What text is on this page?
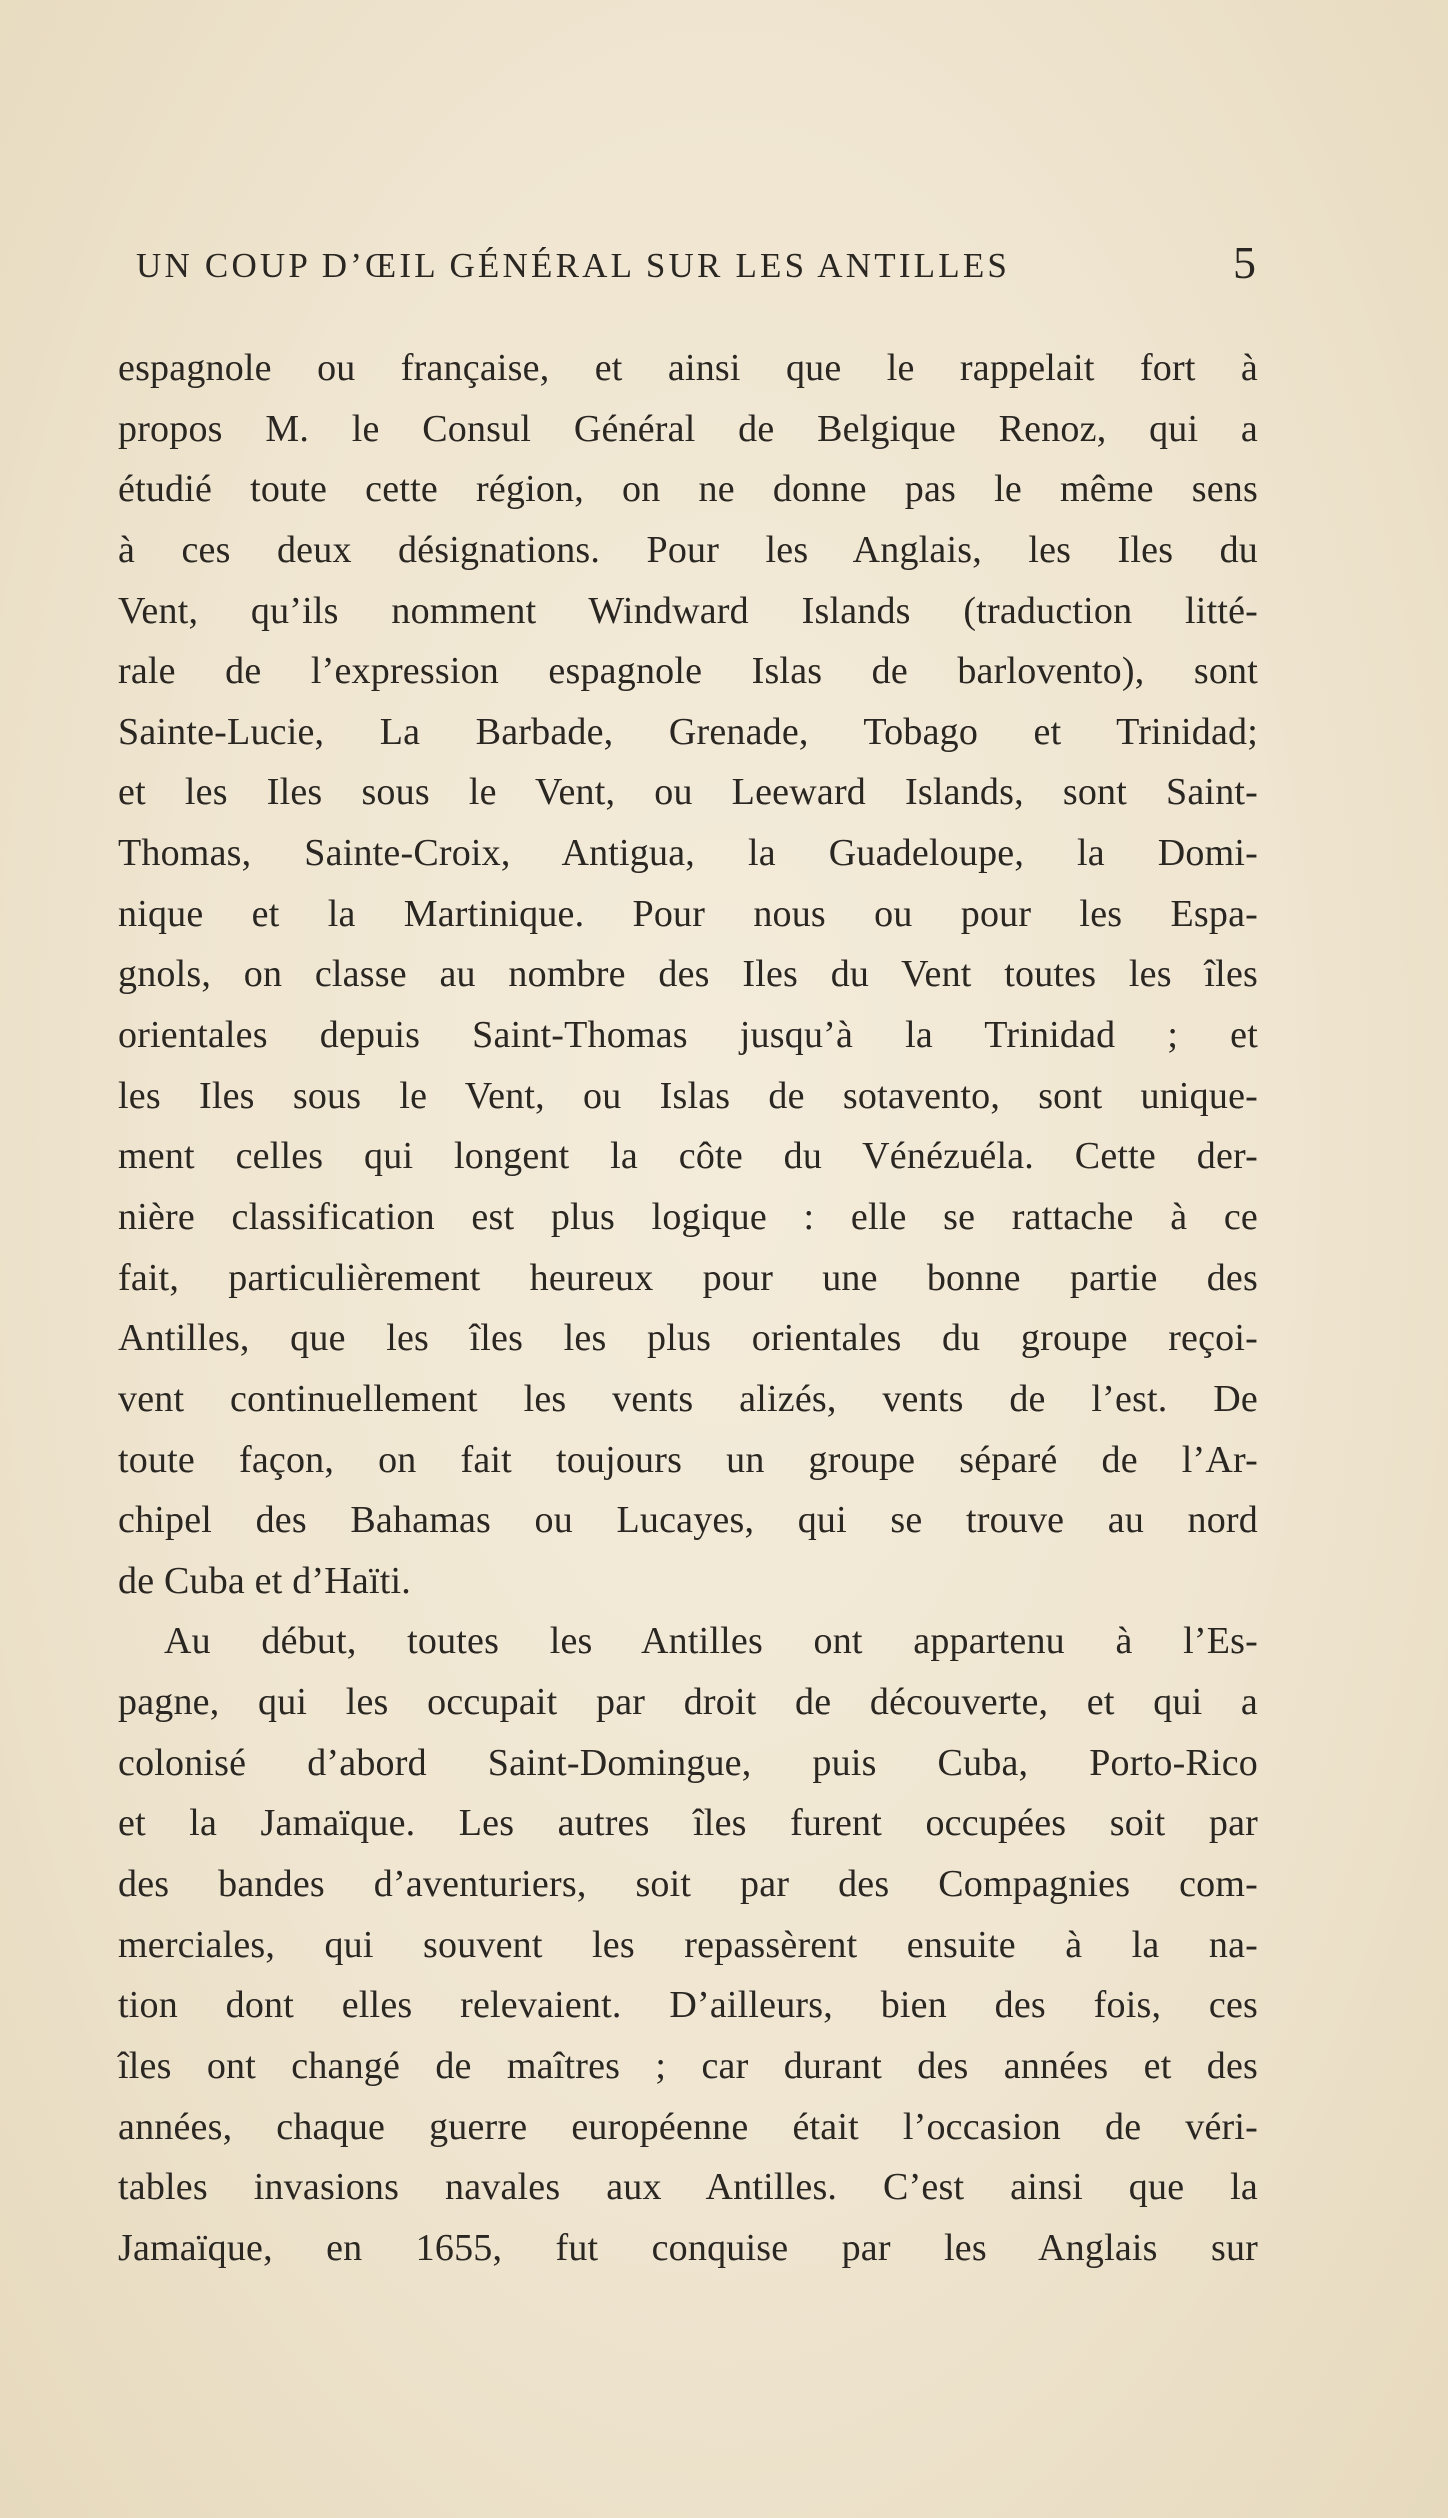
UN COUP D’ŒIL GÉNÉRAL SUR LES ANTILLES	5
espagnole ou française, et ainsi que le rappelait fort à
propos M. le Consul Général de Belgique Renoz, qui a
étudié toute cette région, on ne donne pas le même sens
à ces deux désignations. Pour les Anglais, les Iles du
Vent, qu’ils nomment Windward Islands (traduction litté-
rale de l’expression espagnole Islas de barlovento), sont
Sainte-Lucie, La Barbade, Grenade, Tobago et Trinidad;
et les Iles sous le Vent, ou Leeward Islands, sont Saint-
Thomas, Sainte-Croix, Antigua, la Guadeloupe, la Domi-
nique et la Martinique. Pour nous ou pour les Espa-
gnols, on classe au nombre des Iles du Vent toutes les îles
orientales depuis Saint-Thomas jusqu’à la Trinidad ; et
les Iles sous le Vent, ou Islas de sotavento, sont unique-
ment celles qui longent la côte du Vénézuéla. Cette der-
nière classification est plus logique : elle se rattache à ce
fait, particulièrement heureux pour une bonne partie des
Antilles, que les îles les plus orientales du groupe reçoi-
vent continuellement les vents alizés, vents de l’est. De
toute façon, on fait toujours un groupe séparé de l’Ar-
chipel des Bahamas ou Lucayes, qui se trouve au nord
de Cuba et d’Haïti.
Au début, toutes les Antilles ont appartenu à l’Es-
pagne, qui les occupait par droit de découverte, et qui a
colonisé d’abord Saint-Domingue, puis Cuba, Porto-Rico
et la Jamaïque. Les autres îles furent occupées soit par
des bandes d’aventuriers, soit par des Compagnies com-
merciales, qui souvent les repassèrent ensuite à la na-
tion dont elles relevaient. D’ailleurs, bien des fois, ces
îles ont changé de maîtres ; car durant des années et des
années, chaque guerre européenne était l’occasion de véri-
tables invasions navales aux Antilles. C’est ainsi que la
Jamaïque, en 1655, fut conquise par les Anglais sur
